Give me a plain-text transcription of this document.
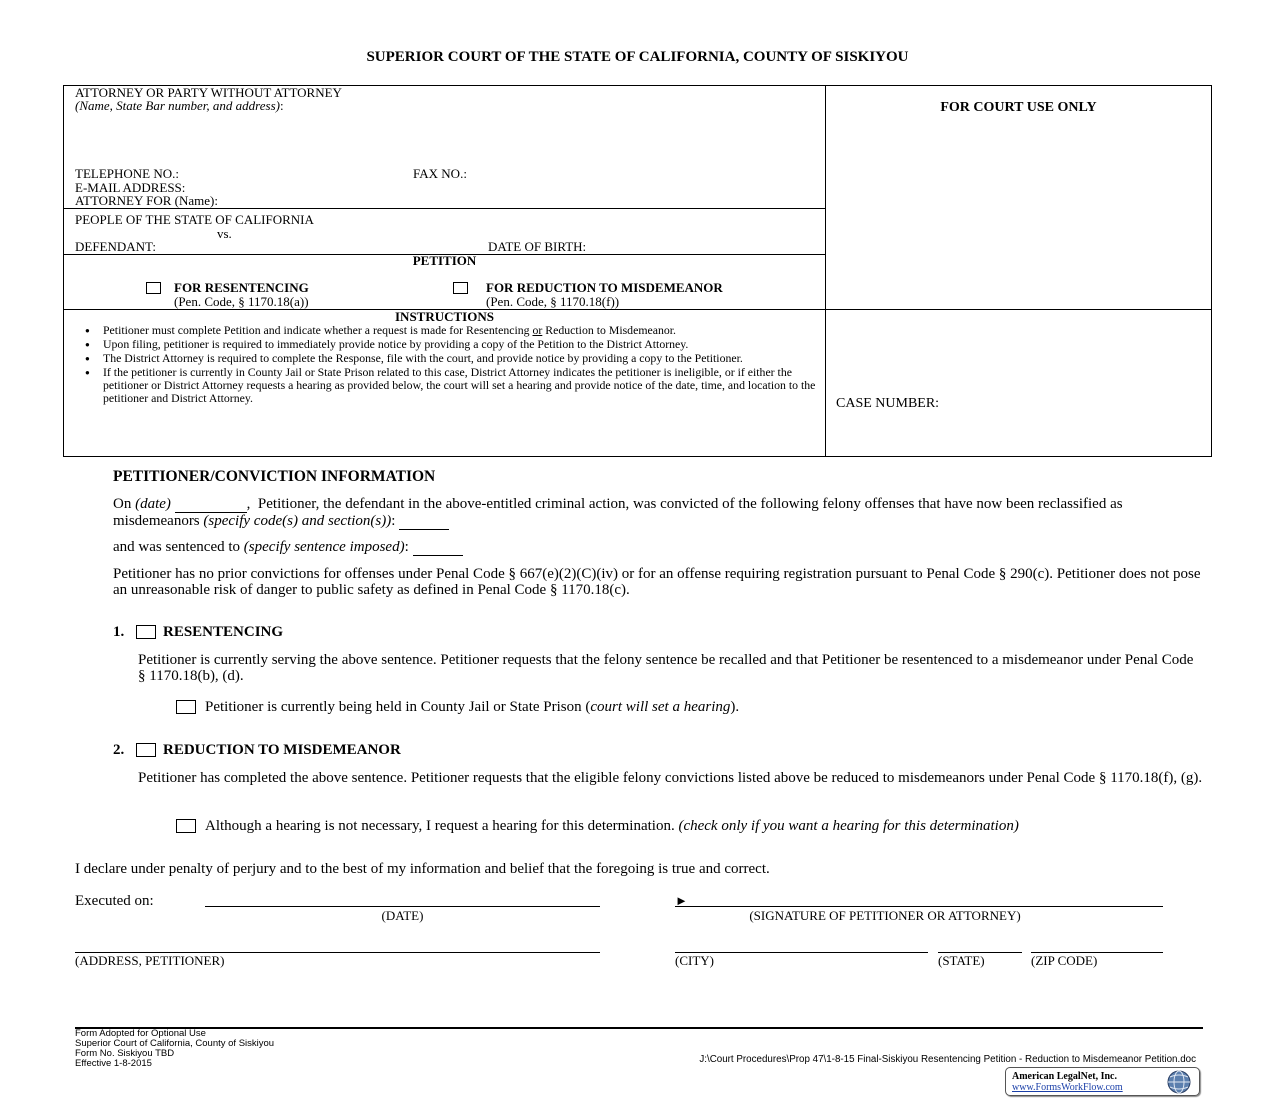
SUPERIOR COURT OF THE STATE OF CALIFORNIA, COUNTY OF SISKIYOU
ATTORNEY OR PARTY WITHOUT ATTORNEY
(Name, State Bar number, and address):
TELEPHONE NO.:	FAX NO.:
E-MAIL ADDRESS:
ATTORNEY FOR (Name):
FOR COURT USE ONLY
PEOPLE OF THE STATE OF CALIFORNIA
vs.
DEFENDANT:	DATE OF BIRTH:
PETITION
FOR RESENTENCING
(Pen. Code, § 1170.18(a))
FOR REDUCTION TO MISDEMEANOR
(Pen. Code, § 1170.18(f))
INSTRUCTIONS
● Petitioner must complete Petition and indicate whether a request is made for Resentencing or Reduction to Misdemeanor.
● Upon filing, petitioner is required to immediately provide notice by providing a copy of the Petition to the District Attorney.
● The District Attorney is required to complete the Response, file with the court, and provide notice by providing a copy to the Petitioner.
● If the petitioner is currently in County Jail or State Prison related to this case, District Attorney indicates the petitioner is ineligible, or if either the petitioner or District Attorney requests a hearing as provided below, the court will set a hearing and provide notice of the date, time, and location to the petitioner and District Attorney.	CASE NUMBER:
PETITIONER/CONVICTION INFORMATION
On (date)	, Petitioner, the defendant in the above-entitled criminal action, was convicted of the following felony offenses that have now been reclassified as misdemeanors (specify code(s) and section(s)):
and was sentenced to (specify sentence imposed):
Petitioner has no prior convictions for offenses under Penal Code § 667(e)(2)(C)(iv) or for an offense requiring registration pursuant to Penal Code § 290(c). Petitioner does not pose an unreasonable risk of danger to public safety as defined in Penal Code § 1170.18(c).
1.	RESENTENCING
Petitioner is currently serving the above sentence. Petitioner requests that the felony sentence be recalled and that Petitioner be resentenced to a misdemeanor under Penal Code § 1170.18(b), (d).
Petitioner is currently being held in County Jail or State Prison (court will set a hearing).
2.	REDUCTION TO MISDEMEANOR
Petitioner has completed the above sentence. Petitioner requests that the eligible felony convictions listed above be reduced to misdemeanors under Penal Code § 1170.18(f), (g).
Although a hearing is not necessary, I request a hearing for this determination. (check only if you want a hearing for this determination)
I declare under penalty of perjury and to the best of my information and belief that the foregoing is true and correct.
Executed on:
(DATE)
►
(SIGNATURE OF PETITIONER OR ATTORNEY)
(ADDRESS, PETITIONER)	(CITY)	(STATE)	(ZIP CODE)
Form Adopted for Optional Use
Superior Court of California, County of Siskiyou
Form No. Siskiyou TBD
Effective 1-8-2015	J:\Court Procedures\Prop 47\1-8-15 Final-Siskiyou Resentencing Petition - Reduction to Misdemeanor Petition.doc
American LegalNet, Inc.
www.FormsWorkFlow.com
